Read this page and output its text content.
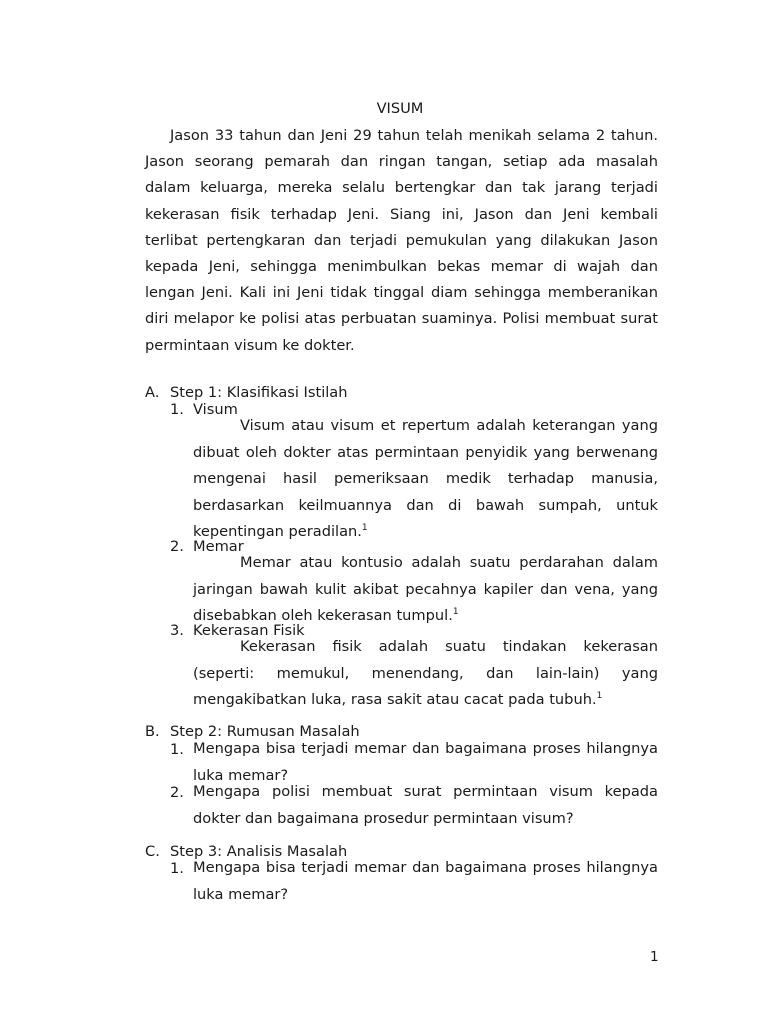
VISUM

Jason 33 tahun dan Jeni 29 tahun telah menikah selama 2 tahun. Jason seorang pemarah dan ringan tangan, setiap ada masalah dalam keluarga, mereka selalu bertengkar dan tak jarang terjadi kekerasan fisik terhadap Jeni. Siang ini, Jason dan Jeni kembali terlibat pertengkaran dan terjadi pemukulan yang dilakukan Jason kepada Jeni, sehingga menimbulkan bekas memar di wajah dan lengan Jeni. Kali ini Jeni tidak tinggal diam sehingga memberanikan diri melapor ke polisi atas perbuatan suaminya. Polisi membuat surat permintaan visum ke dokter.

A. Step 1: Klasifikasi Istilah
1. Visum

Visum atau visum et repertum adalah keterangan yang dibuat oleh dokter atas permintaan penyidik yang berwenang mengenai hasil pemeriksaan medik terhadap manusia, berdasarkan keilmuannya dan di bawah sumpah, untuk kepentingan peradilan.$^1$

2. Memar

Memar atau kontusio adalah suatu perdarahan dalam jaringan bawah kulit akibat pecahnya kapiler dan vena, yang disebabkan oleh kekerasan tumpul.$^1$

3. Kekerasan Fisik

Kekerasan fisik adalah suatu tindakan kekerasan (seperti: memukul, menendang, dan lain-lain) yang mengakibatkan luka, rasa sakit atau cacat pada tubuh.$^1$

B. Step 2: Rumusan Masalah
1. Mengapa bisa terjadi memar dan bagaimana proses hilangnya luka memar?

2. Mengapa polisi membuat surat permintaan visum kepada dokter dan bagaimana prosedur permintaan visum?

C. Step 3: Analisis Masalah
1. Mengapa bisa terjadi memar dan bagaimana proses hilangnya luka memar?

1
